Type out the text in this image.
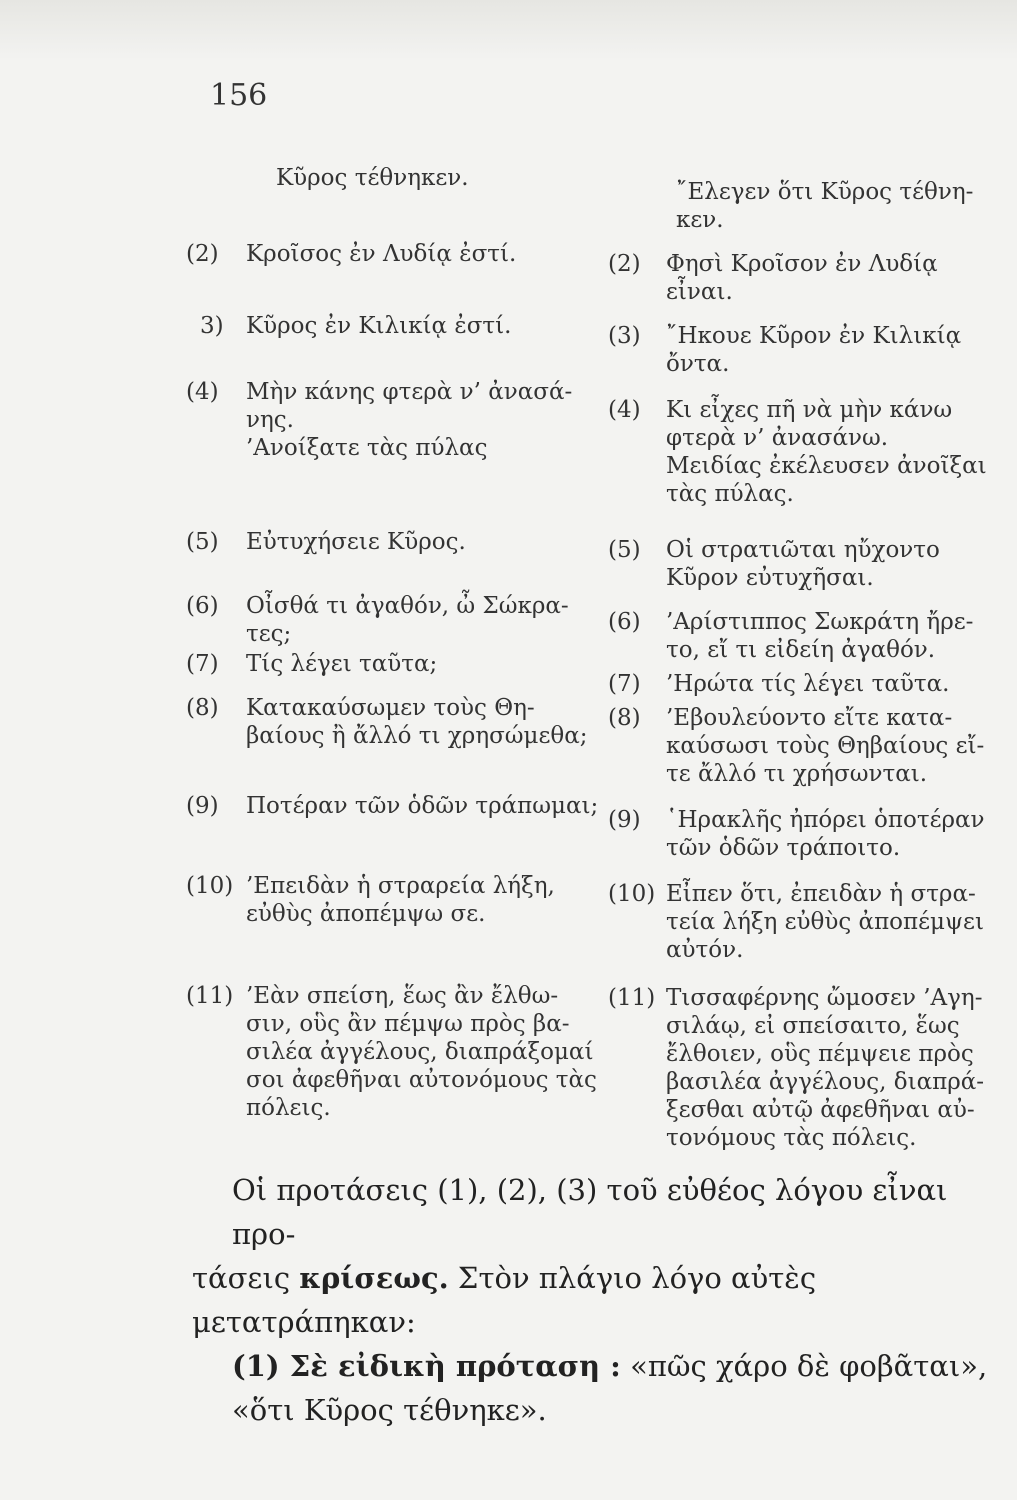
156
Κῦρος τέθνηκεν.
(2)	Κροῖσος ἐν Λυδίᾳ ἐστί.
3) Κῦρος ἐν Κιλικίᾳ ἐστί.
(4)	Μὴν κάνης φτερὰ ν’ ἀνασά-
νης.
’Ανοίξατε τὰς πύλας
(5)	Εὐτυχήσειε Κῦρος.
(6)	Οἶσθά τι ἀγαθόν, ὦ Σώκρα-
τες;
(7)	Τίς λέγει ταῦτα;
(8)	Κατακαύσωμεν τοὺς Θη-
βαίους ἢ ἄλλό τι χρησώμεθα;
(9)	Ποτέραν τῶν ὁδῶν τράπωμαι;
(10) ’Επειδὰν ἡ στραρεία λήξη,
εὐθὺς ἀποπέμψω σε.
(11) ’Εὰν σπείση, ἕως ἂν ἔλθω-
σιν, οὓς ἂν πέμψω πρὸς βα-
σιλέα ἀγγέλους, διαπράξομαί
σοι ἀφεθῆναι αὐτονόμους τὰς
πόλεις.
῎Ελεγεν ὅτι Κῦρος τέθνη-
κεν.
(2)	Φησὶ Κροῖσον ἐν Λυδίᾳ
εἶναι.
(3)	῎Ηκουε Κῦρον ἐν Κιλικίᾳ
ὄντα.
(4)	Κι εἶχες πῆ νὰ μὴν κάνω
φτερὰ ν’ ἀνασάνω.
Μειδίας ἐκέλευσεν ἀνοῖξαι
τὰς πύλας.
(5)	Οἱ στρατιῶται ηὔχοντο
Κῦρον εὐτυχῆσαι.
(6)	’Αρίστιππος Σωκράτη ἤρε-
το, εἴ τι εἰδείη ἀγαθόν.
(7)	’Ηρώτα τίς λέγει ταῦτα.
(8)	’Εβουλεύοντο εἴτε κατα-
καύσωσι τοὺς Θηβαίους εἴ-
τε ἄλλό τι χρήσωνται.
(9)	῾Ηρακλῆς ἠπόρει ὁποτέραν
τῶν ὁδῶν τράποιτο.
(10) Εἶπεν ὅτι, ἐπειδὰν ἡ στρα-
τεία λήξη εὐθὺς ἀποπέμψει
αὐτόν.
(11) Τισσαφέρνης ὤμοσεν ’Αγη-
σιλάῳ, εἰ σπείσαιτο, ἕως
ἔλθοιεν, οὓς πέμψειε πρὸς
βασιλέα ἀγγέλους, διαπρά-
ξεσθαι αὐτῷ ἀφεθῆναι αὐ-
τονόμους τὰς πόλεις.
Οἱ προτάσεις (1), (2), (3) τοῦ εὐθέος λόγου εἶναι προ-
τάσεις κρίσεως. Στὸν πλάγιο λόγο αὐτὲς μετατράπηκαν:
(1) Σὲ εἰδικὴ πρόταση : «πῶς χάρο δὲ φοβᾶται»,
«ὅτι Κῦρος τέθνηκε».
